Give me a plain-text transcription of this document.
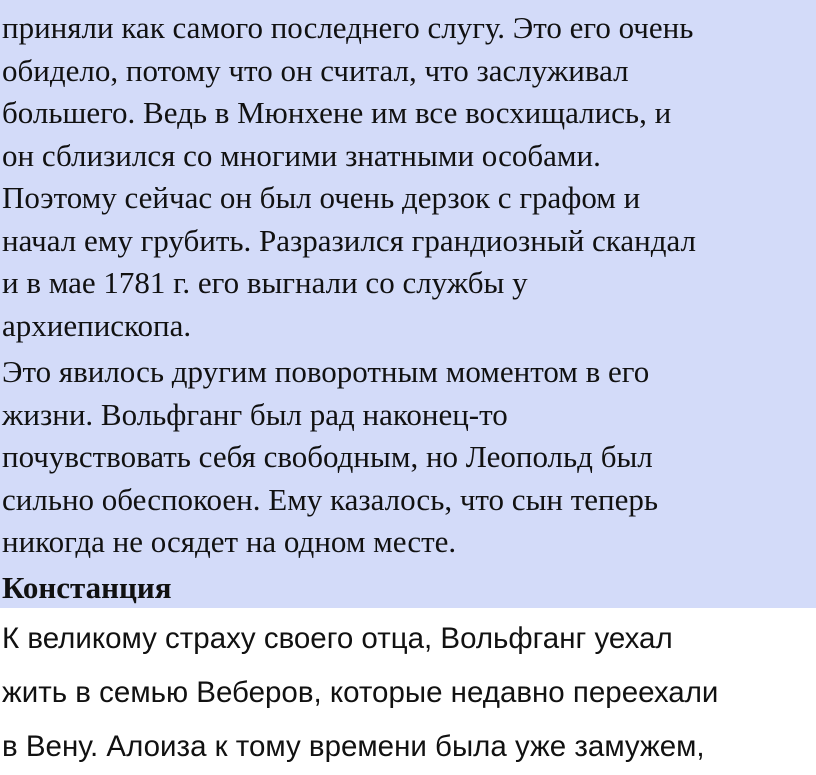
приняли как самого последнего слугу. Это его очень
обидело, потому что он считал, что заслуживал
большего. Ведь в Мюнхене им все восхищались, и
он сблизился со многими знатными особами.
Поэтому сейчас он был очень дерзок с графом и
начал ему грубить. Разразился грандиозный скандал
и в мае 1781 г. его выгнали со службы у
архиепископа.

Это явилось другим поворотным моментом в его
жизни. Вольфганг был рад наконец-то
почувствовать себя свободным, но Леопольд был
сильно обеспокоен. Ему казалось, что сын теперь
никогда не осядет на одном месте.

Констанция

К великому страху своего отца, Вольфганг уехал
жить в семью Веберов, которые недавно переехали
в Вену. Алоиза к тому времени была уже замужем,
